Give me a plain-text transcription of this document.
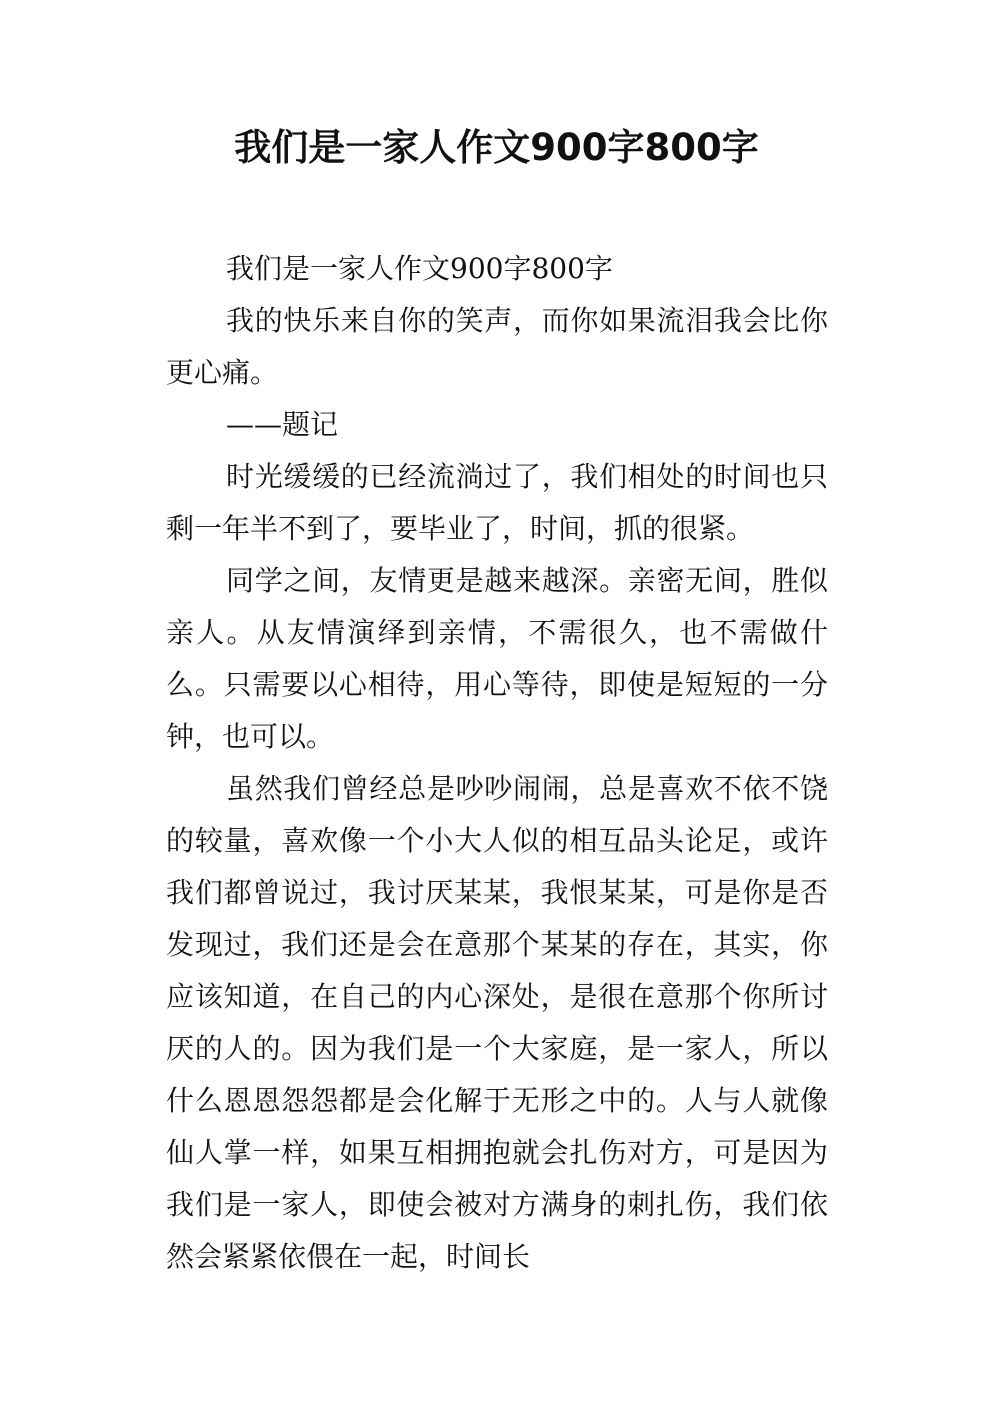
我们是一家人作文900字800字

我们是一家人作文900字800字

我的快乐来自你的笑声，而你如果流泪我会比你更心痛。

——题记

时光缓缓的已经流淌过了，我们相处的时间也只剩一年半不到了，要毕业了，时间，抓的很紧。

同学之间，友情更是越来越深。亲密无间，胜似亲人。从友情演绎到亲情，不需很久，也不需做什么。只需要以心相待，用心等待，即使是短短的一分钟，也可以。

虽然我们曾经总是吵吵闹闹，总是喜欢不依不饶的较量，喜欢像一个小大人似的相互品头论足，或许我们都曾说过，我讨厌某某，我恨某某，可是你是否发现过，我们还是会在意那个某某的存在，其实，你应该知道，在自己的内心深处，是很在意那个你所讨厌的人的。因为我们是一个大家庭，是一家人，所以什么恩恩怨怨都是会化解于无形之中的。人与人就像仙人掌一样，如果互相拥抱就会扎伤对方，可是因为我们是一家人，即使会被对方满身的刺扎伤，我们依然会紧紧依偎在一起，时间长
